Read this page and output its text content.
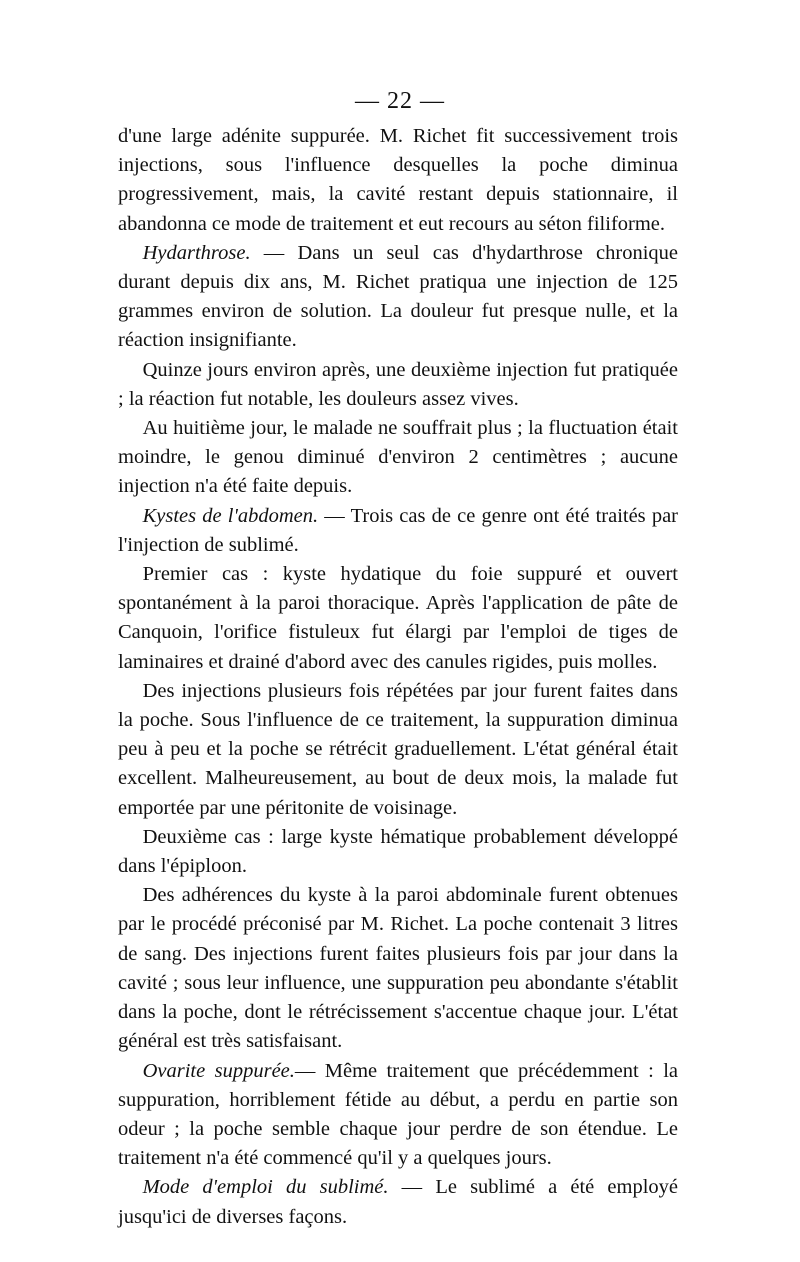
— 22 —

d'une large adénite suppurée. M. Richet fit successivement trois injections, sous l'influence desquelles la poche diminua progressivement, mais, la cavité restant depuis stationnaire, il abandonna ce mode de traitement et eut recours au séton filiforme.

Hydarthrose. — Dans un seul cas d'hydarthrose chronique durant depuis dix ans, M. Richet pratiqua une injection de 125 grammes environ de solution. La douleur fut presque nulle, et la réaction insignifiante.

Quinze jours environ après, une deuxième injection fut pratiquée ; la réaction fut notable, les douleurs assez vives.

Au huitième jour, le malade ne souffrait plus ; la fluctuation était moindre, le genou diminué d'environ 2 centimètres ; aucune injection n'a été faite depuis.

Kystes de l'abdomen. — Trois cas de ce genre ont été traités par l'injection de sublimé.

Premier cas : kyste hydatique du foie suppuré et ouvert spontanément à la paroi thoracique. Après l'application de pâte de Canquoin, l'orifice fistuleux fut élargi par l'emploi de tiges de laminaires et drainé d'abord avec des canules rigides, puis molles.

Des injections plusieurs fois répétées par jour furent faites dans la poche. Sous l'influence de ce traitement, la suppuration diminua peu à peu et la poche se rétrécit graduellement. L'état général était excellent. Malheureusement, au bout de deux mois, la malade fut emportée par une péritonite de voisinage.

Deuxième cas : large kyste hématique probablement développé dans l'épiploon.

Des adhérences du kyste à la paroi abdominale furent obtenues par le procédé préconisé par M. Richet. La poche contenait 3 litres de sang. Des injections furent faites plusieurs fois par jour dans la cavité ; sous leur influence, une suppuration peu abondante s'établit dans la poche, dont le rétrécissement s'accentue chaque jour. L'état général est très satisfaisant.

Ovarite suppurée.— Même traitement que précédemment : la suppuration, horriblement fétide au début, a perdu en partie son odeur ; la poche semble chaque jour perdre de son étendue. Le traitement n'a été commencé qu'il y a quelques jours.

Mode d'emploi du sublimé. — Le sublimé a été employé jusqu'ici de diverses façons.
